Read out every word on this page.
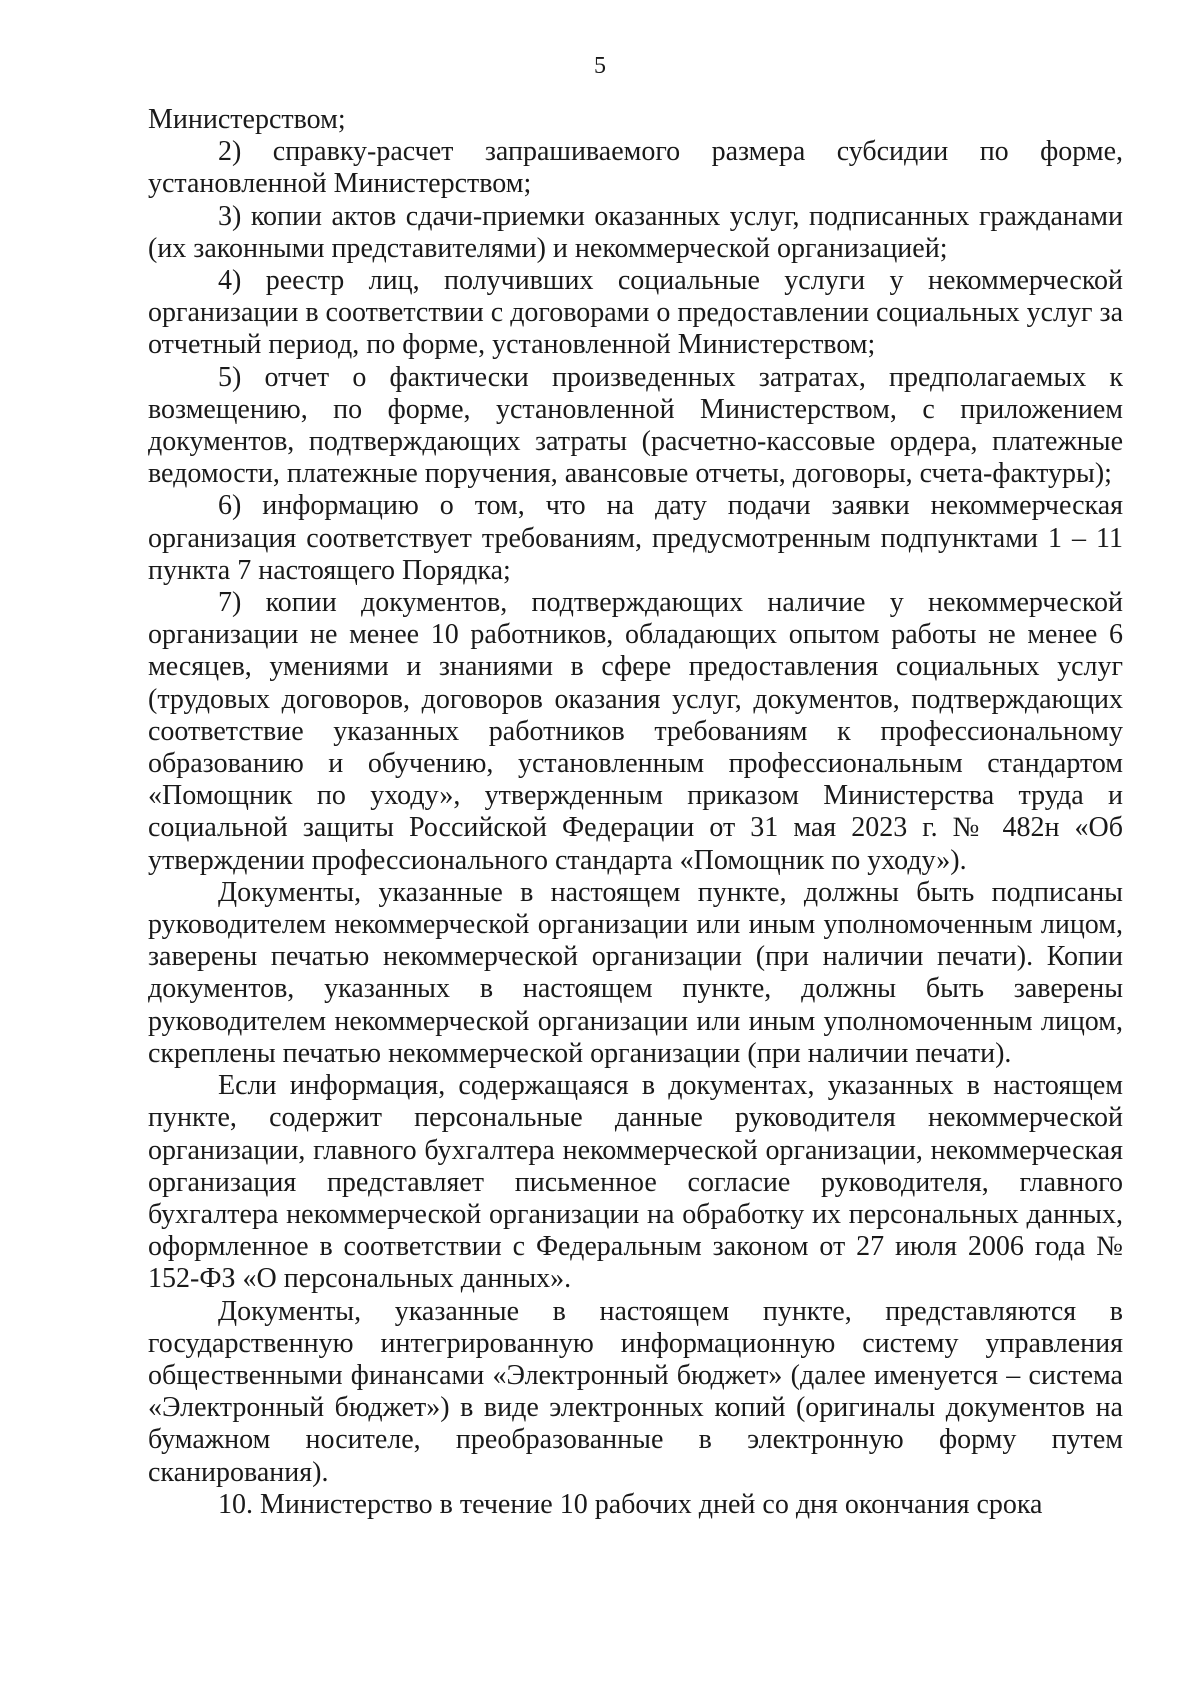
5

Министерством;

2) справку-расчет запрашиваемого размера субсидии по форме, установленной Министерством;

3) копии актов сдачи-приемки оказанных услуг, подписанных гражданами (их законными представителями) и некоммерческой организацией;

4) реестр лиц, получивших социальные услуги у некоммерческой организации в соответствии с договорами о предоставлении социальных услуг за отчетный период, по форме, установленной Министерством;

5) отчет о фактически произведенных затратах, предполагаемых к возмещению, по форме, установленной Министерством, с приложением документов, подтверждающих затраты (расчетно-кассовые ордера, платежные ведомости, платежные поручения, авансовые отчеты, договоры, счета-фактуры);

6) информацию о том, что на дату подачи заявки некоммерческая организация соответствует требованиям, предусмотренным подпунктами 1 – 11 пункта 7 настоящего Порядка;

7) копии документов, подтверждающих наличие у некоммерческой организации не менее 10 работников, обладающих опытом работы не менее 6 месяцев, умениями и знаниями в сфере предоставления социальных услуг (трудовых договоров, договоров оказания услуг, документов, подтверждающих соответствие указанных работников требованиям к профессиональному образованию и обучению, установленным профессиональным стандартом «Помощник по уходу», утвержденным приказом Министерства труда и социальной защиты Российской Федерации от 31 мая 2023 г. № 482н «Об утверждении профессионального стандарта «Помощник по уходу»).

Документы, указанные в настоящем пункте, должны быть подписаны руководителем некоммерческой организации или иным уполномоченным лицом, заверены печатью некоммерческой организации (при наличии печати). Копии документов, указанных в настоящем пункте, должны быть заверены руководителем некоммерческой организации или иным уполномоченным лицом, скреплены печатью некоммерческой организации (при наличии печати).

Если информация, содержащаяся в документах, указанных в настоящем пункте, содержит персональные данные руководителя некоммерческой организации, главного бухгалтера некоммерческой организации, некоммерческая организация представляет письменное согласие руководителя, главного бухгалтера некоммерческой организации на обработку их персональных данных, оформленное в соответствии с Федеральным законом от 27 июля 2006 года № 152-ФЗ «О персональных данных».

Документы, указанные в настоящем пункте, представляются в государственную интегрированную информационную систему управления общественными финансами «Электронный бюджет» (далее именуется – система «Электронный бюджет») в виде электронных копий (оригиналы документов на бумажном носителе, преобразованные в электронную форму путем сканирования).

10. Министерство в течение 10 рабочих дней со дня окончания срока
